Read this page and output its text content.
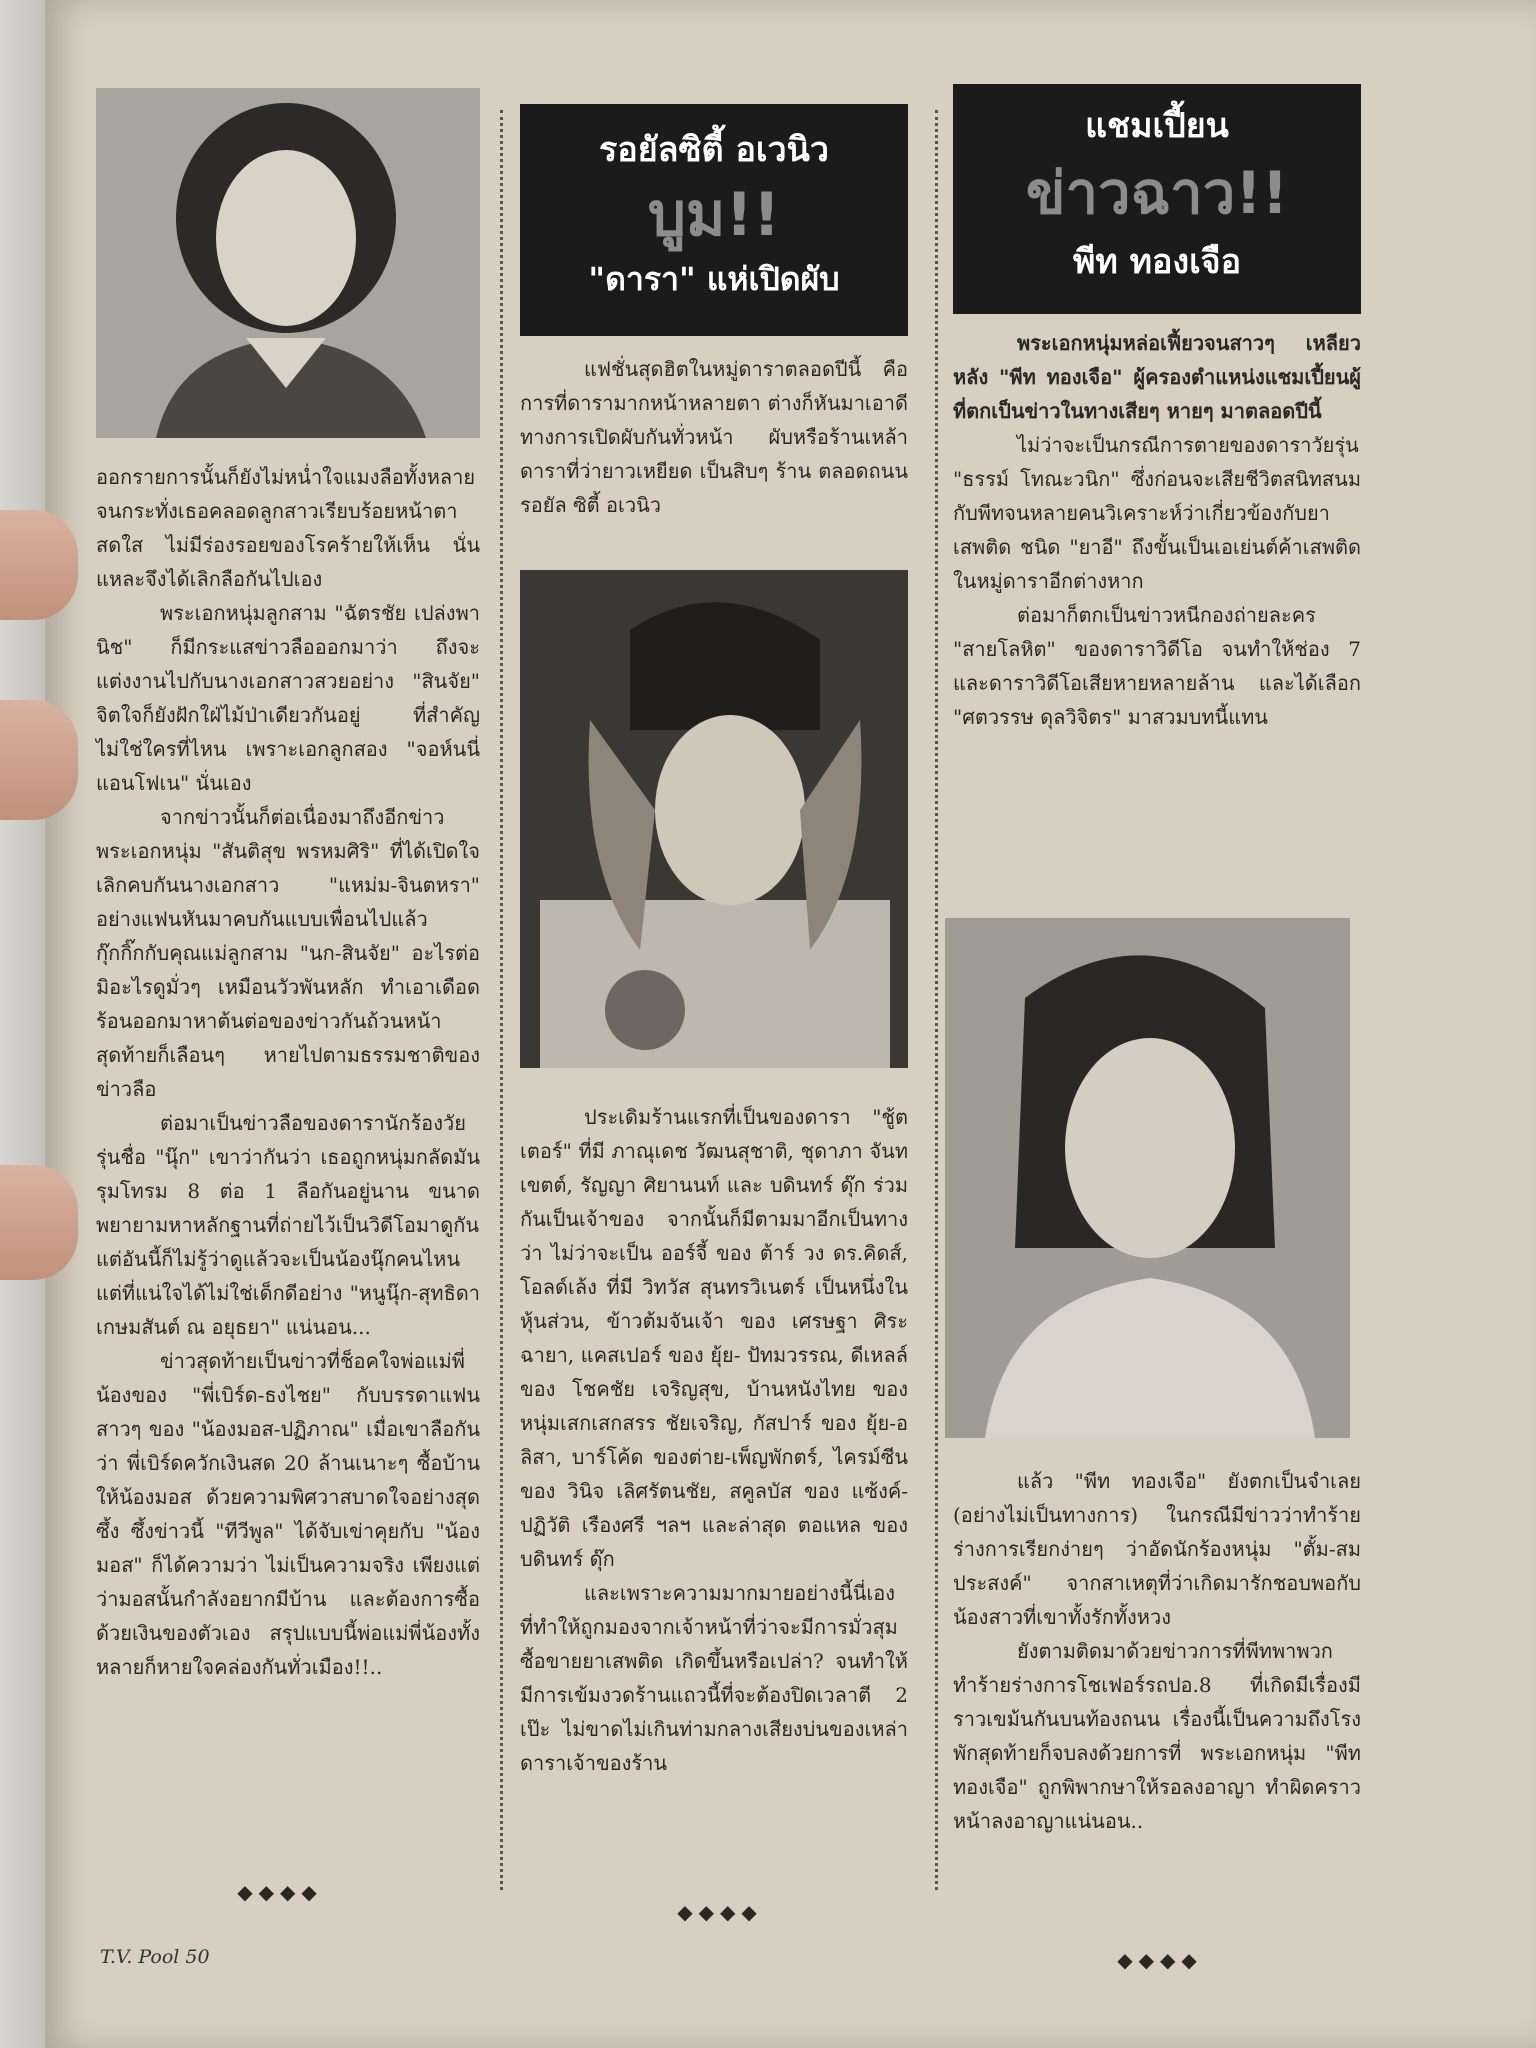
ออกรายการนั้นก็ยังไม่หน่ำใจแมงลือทั้งหลาย จนกระทั่งเธอคลอดลูกสาวเรียบร้อยหน้าตาสดใส ไม่มีร่องรอยของโรคร้ายให้เห็น นั่นแหละจึงได้เลิกลือกันไปเอง

พระเอกหนุ่มลูกสาม "ฉัตรชัย เปล่งพานิช" ก็มีกระแสข่าวลือออกมาว่า ถึงจะแต่งงานไปกับนางเอกสาวสวยอย่าง "สินจัย" จิตใจก็ยังฝักใฝ่ไม้ป่าเดียวกันอยู่ ที่สำคัญไม่ใช่ใครที่ไหน เพราะเอกลูกสอง "จอห์นนี่ แอนโฟเน" นั่นเอง

จากข่าวนั้นก็ต่อเนื่องมาถึงอีกข่าว พระเอกหนุ่ม "สันติสุข พรหมศิริ" ที่ได้เปิดใจเลิกคบกันนางเอกสาว "แหม่ม-จินตหรา" อย่างแฟนหันมาคบกันแบบเพื่อนไปแล้ว กุ๊กกิ๊กกับคุณแม่ลูกสาม "นก-สินจัย" อะไรต่อมิอะไรดูมั่วๆ เหมือนวัวพันหลัก ทำเอาเดือดร้อนออกมาหาต้นต่อของข่าวกันถ้วนหน้า สุดท้ายก็เลือนๆ หายไปตามธรรมชาติของข่าวลือ

ต่อมาเป็นข่าวลือของดารานักร้องวัยรุ่นชื่อ "นุ๊ก" เขาว่ากันว่า เธอถูกหนุ่มกลัดมันรุมโทรม 8 ต่อ 1 ลือกันอยู่นาน ขนาดพยายามหาหลักฐานที่ถ่ายไว้เป็นวิดีโอมาดูกัน แต่อันนี้ก็ไม่รู้ว่าดูแล้วจะเป็นน้องนุ๊กคนไหน แต่ที่แน่ใจได้ไม่ใช่เด็กดีอย่าง "หนูนุ๊ก-สุทธิดา เกษมสันต์ ณ อยุธยา" แน่นอน...

ข่าวสุดท้ายเป็นข่าวที่ช็อคใจพ่อแม่พี่น้องของ "พี่เบิร์ด-ธงไชย" กับบรรดาแฟนสาวๆ ของ "น้องมอส-ปฏิภาณ" เมื่อเขาลือกันว่า พี่เบิร์ดควักเงินสด 20 ล้านเนาะๆ ซื้อบ้านให้น้องมอส ด้วยความพิศวาสบาดใจอย่างสุดซึ้ง ซึ้งข่าวนี้ "ทีวีพูล" ได้จับเข่าคุยกับ "น้องมอส" ก็ได้ความว่า ไม่เป็นความจริง เพียงแต่ว่ามอสนั้นกำลังอยากมีบ้าน และต้องการซื้อด้วยเงินของตัวเอง สรุปแบบนี้พ่อแม่พี่น้องทั้งหลายก็หายใจคล่องกันทั่วเมือง!!..

◆◆◆◆
รอยัลซิตี้ อเวนิว
บูม!!
"ดารา" แห่เปิดผับ

แฟชั่นสุดฮิตในหมู่ดาราตลอดปีนี้ คือการที่ดารามากหน้าหลายตา ต่างก็หันมาเอาดีทางการเปิดผับกันทั่วหน้า ผับหรือร้านเหล้าดาราที่ว่ายาวเหยียด เป็นสิบๆ ร้าน ตลอดถนน รอยัล ซิตี้ อเวนิว

ประเดิมร้านแรกที่เป็นของดารา "ชู้ตเตอร์" ที่มี ภาณุเดช วัฒนสุชาติ, ชุดาภา จันทเขตต์, รัญญา ศิยานนท์ และ บดินทร์ ดุ๊ก ร่วมกันเป็นเจ้าของ จากนั้นก็มีตามมาอีกเป็นทางว่า ไม่ว่าจะเป็น ออร์จี้ ของ ต้าร์ วง ดร.คิดส์, โอลด์เล้ง ที่มี วิทวัส สุนทรวิเนตร์ เป็นหนึ่งในหุ้นส่วน, ข้าวต้มจันเจ้า ของ เศรษฐา ศิระฉายา, แคสเปอร์ ของ ยุ้ย- ปัทมวรรณ, ดีเหลล์ ของ โชคชัย เจริญสุข, บ้านหนังไทย ของ หนุ่มเสกเสกสรร ชัยเจริญ, กัสปาร์ ของ ยุ้ย-อลิสา, บาร์โค้ด ของต่าย-เพ็ญพักตร์, ไครม์ซีน ของ วินิจ เลิศรัตนชัย, สคูลบัส ของ แซ้งค์-ปฏิวัติ เรืองศรี ฯลฯ และล่าสุด ตอแหล ของ บดินทร์ ดุ๊ก

และเพราะความมากมายอย่างนี้นี่เองที่ทำให้ถูกมองจากเจ้าหน้าที่ว่าจะมีการมั่วสุม ซื้อขายยาเสพติด เกิดขึ้นหรือเปล่า? จนทำให้มีการเข้มงวดร้านแถวนี้ที่จะต้องปิดเวลาตี 2 เป๊ะ ไม่ขาดไม่เกินท่ามกลางเสียงบ่นของเหล่าดาราเจ้าของร้าน

◆◆◆◆
แชมเปี้ยน
ข่าวฉาว!!
พีท ทองเจือ

พระเอกหนุ่มหล่อเฟี้ยวจนสาวๆ เหลียวหลัง "พีท ทองเจือ" ผู้ครองตำแหน่งแชมเปี้ยนผู้ที่ตกเป็นข่าวในทางเสียๆ หายๆ มาตลอดปีนี้

ไม่ว่าจะเป็นกรณีการตายของดาราวัยรุ่น "ธรรม์ โทณะวนิก" ซึ่งก่อนจะเสียชีวิตสนิทสนมกับพีทจนหลายคนวิเคราะห์ว่าเกี่ยวข้องกับยาเสพติด ชนิด "ยาอี" ถึงขั้นเป็นเอเย่นต์ค้าเสพติดในหมู่ดาราอีกต่างหาก

ต่อมาก็ตกเป็นข่าวหนีกองถ่ายละคร "สายโลหิต" ของดาราวิดีโอ จนทำให้ช่อง 7 และดาราวิดีโอเสียหายหลายล้าน และได้เลือก "ศตวรรษ ดุลวิจิตร" มาสวมบทนี้แทน

แล้ว "พีท ทองเจือ" ยังตกเป็นจำเลย (อย่างไม่เป็นทางการ) ในกรณีมีข่าวว่าทำร้ายร่างการเรียกง่ายๆ ว่าอัดนักร้องหนุ่ม "ตั้ม-สมประสงค์" จากสาเหตุที่ว่าเกิดมารักชอบพอกับน้องสาวที่เขาทั้งรักทั้งหวง

ยังตามติดมาด้วยข่าวการที่พีทพาพวกทำร้ายร่างการโชเฟอร์รถปอ.8 ที่เกิดมีเรื่องมีราวเขม้นกันบนท้องถนน เรื่องนี้เป็นความถึงโรงพักสุดท้ายก็จบลงด้วยการที่ พระเอกหนุ่ม "พีท ทองเจือ" ถูกพิพากษาให้รอลงอาญา ทำผิดคราวหน้าลงอาญาแน่นอน..

◆◆◆◆
T.V. Pool 50
